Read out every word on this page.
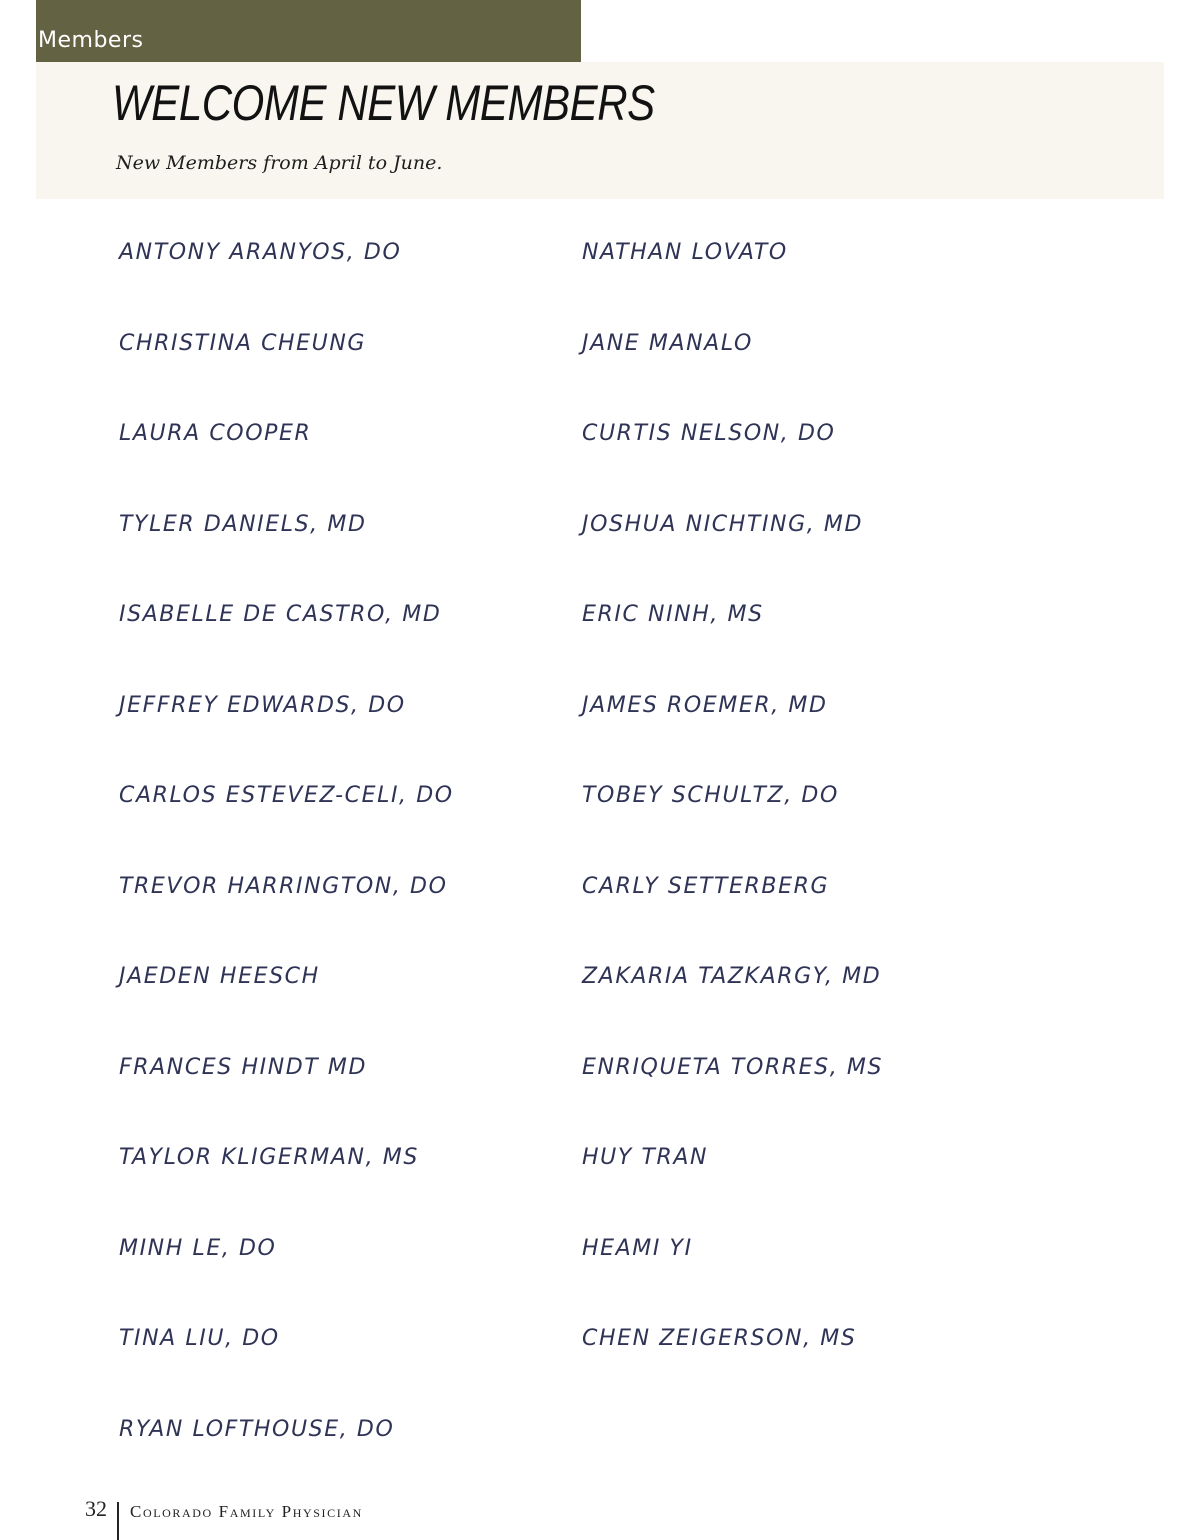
Members
WELCOME NEW MEMBERS
New Members from April to June.
ANTONY ARANYOS, DO
CHRISTINA CHEUNG
LAURA COOPER
TYLER DANIELS, MD
ISABELLE DE CASTRO, MD
JEFFREY EDWARDS, DO
CARLOS ESTEVEZ-CELI, DO
TREVOR HARRINGTON, DO
JAEDEN HEESCH
FRANCES HINDT MD
TAYLOR KLIGERMAN, MS
MINH LE, DO
TINA LIU, DO
RYAN LOFTHOUSE, DO
NATHAN LOVATO
JANE MANALO
CURTIS NELSON, DO
JOSHUA NICHTING, MD
ERIC NINH, MS
JAMES ROEMER, MD
TOBEY SCHULTZ, DO
CARLY SETTERBERG
ZAKARIA TAZKARGY, MD
ENRIQUETA TORRES, MS
HUY TRAN
HEAMI YI
CHEN ZEIGERSON, MS
32 Colorado Family Physician
